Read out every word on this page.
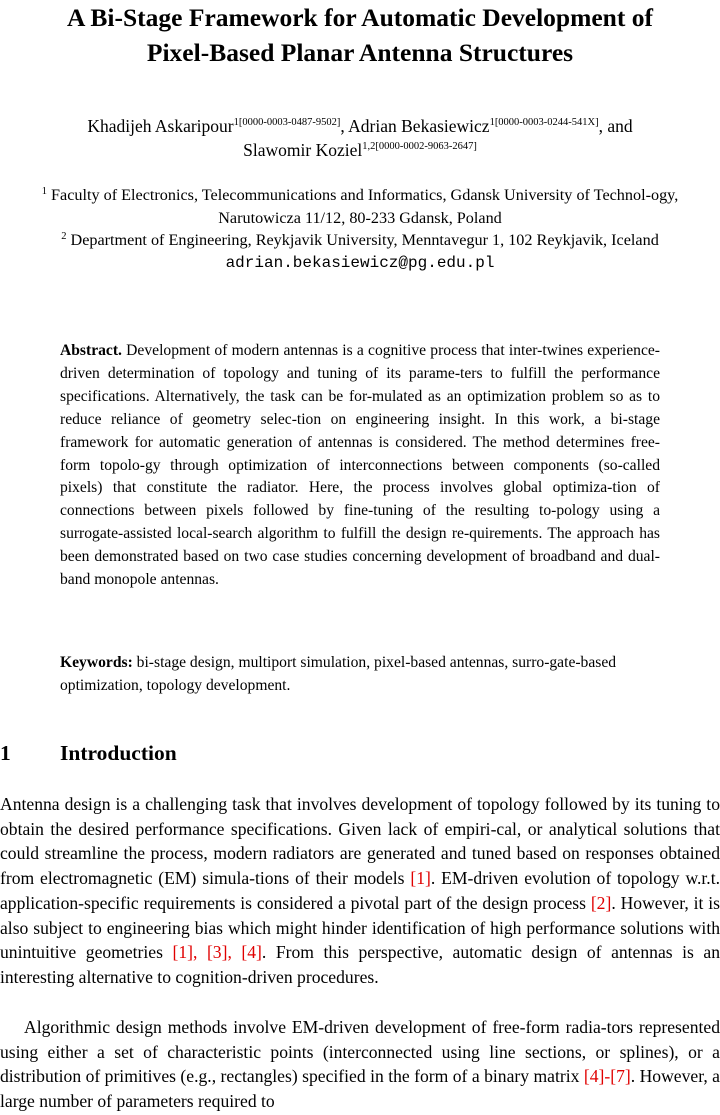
A Bi-Stage Framework for Automatic Development of
Pixel-Based Planar Antenna Structures
Khadijeh Askaripour$^{1[0000-0003-0487-9502]}$, Adrian Bekasiewicz$^{1[0000-0003-0244-541X]}$, and
Slawomir Koziel$^{1,2[0000-0002-9063-2647]}$
$^1$ Faculty of Electronics, Telecommunications and Informatics, Gdansk University of Technol-ogy, Narutowicza 11/12, 80-233 Gdansk, Poland
$^2$ Department of Engineering, Reykjavik University, Menntavegur 1, 102 Reykjavik, Iceland
adrian.bekasiewicz@pg.edu.pl

Abstract. Development of modern antennas is a cognitive process that inter-twines experience-driven determination of topology and tuning of its parame-ters to fulfill the performance specifications. Alternatively, the task can be for-mulated as an optimization problem so as to reduce reliance of geometry selec-tion on engineering insight. In this work, a bi-stage framework for automatic generation of antennas is considered. The method determines free-form topolo-gy through optimization of interconnections between components (so-called pixels) that constitute the radiator. Here, the process involves global optimiza-tion of connections between pixels followed by fine-tuning of the resulting to-pology using a surrogate-assisted local-search algorithm to fulfill the design re-quirements. The approach has been demonstrated based on two case studies concerning development of broadband and dual-band monopole antennas.

Keywords: bi-stage design, multiport simulation, pixel-based antennas, surro-gate-based optimization, topology development.

1 Introduction

Antenna design is a challenging task that involves development of topology followed by its tuning to obtain the desired performance specifications. Given lack of empiri-cal, or analytical solutions that could streamline the process, modern radiators are generated and tuned based on responses obtained from electromagnetic (EM) simula-tions of their models [1]. EM-driven evolution of topology w.r.t. application-specific requirements is considered a pivotal part of the design process [2]. However, it is also subject to engineering bias which might hinder identification of high performance solutions with unintuitive geometries [1], [3], [4]. From this perspective, automatic design of antennas is an interesting alternative to cognition-driven procedures.

Algorithmic design methods involve EM-driven development of free-form radia-tors represented using either a set of characteristic points (interconnected using line sections, or splines), or a distribution of primitives (e.g., rectangles) specified in the form of a binary matrix [4]-[7]. However, a large number of parameters required to
